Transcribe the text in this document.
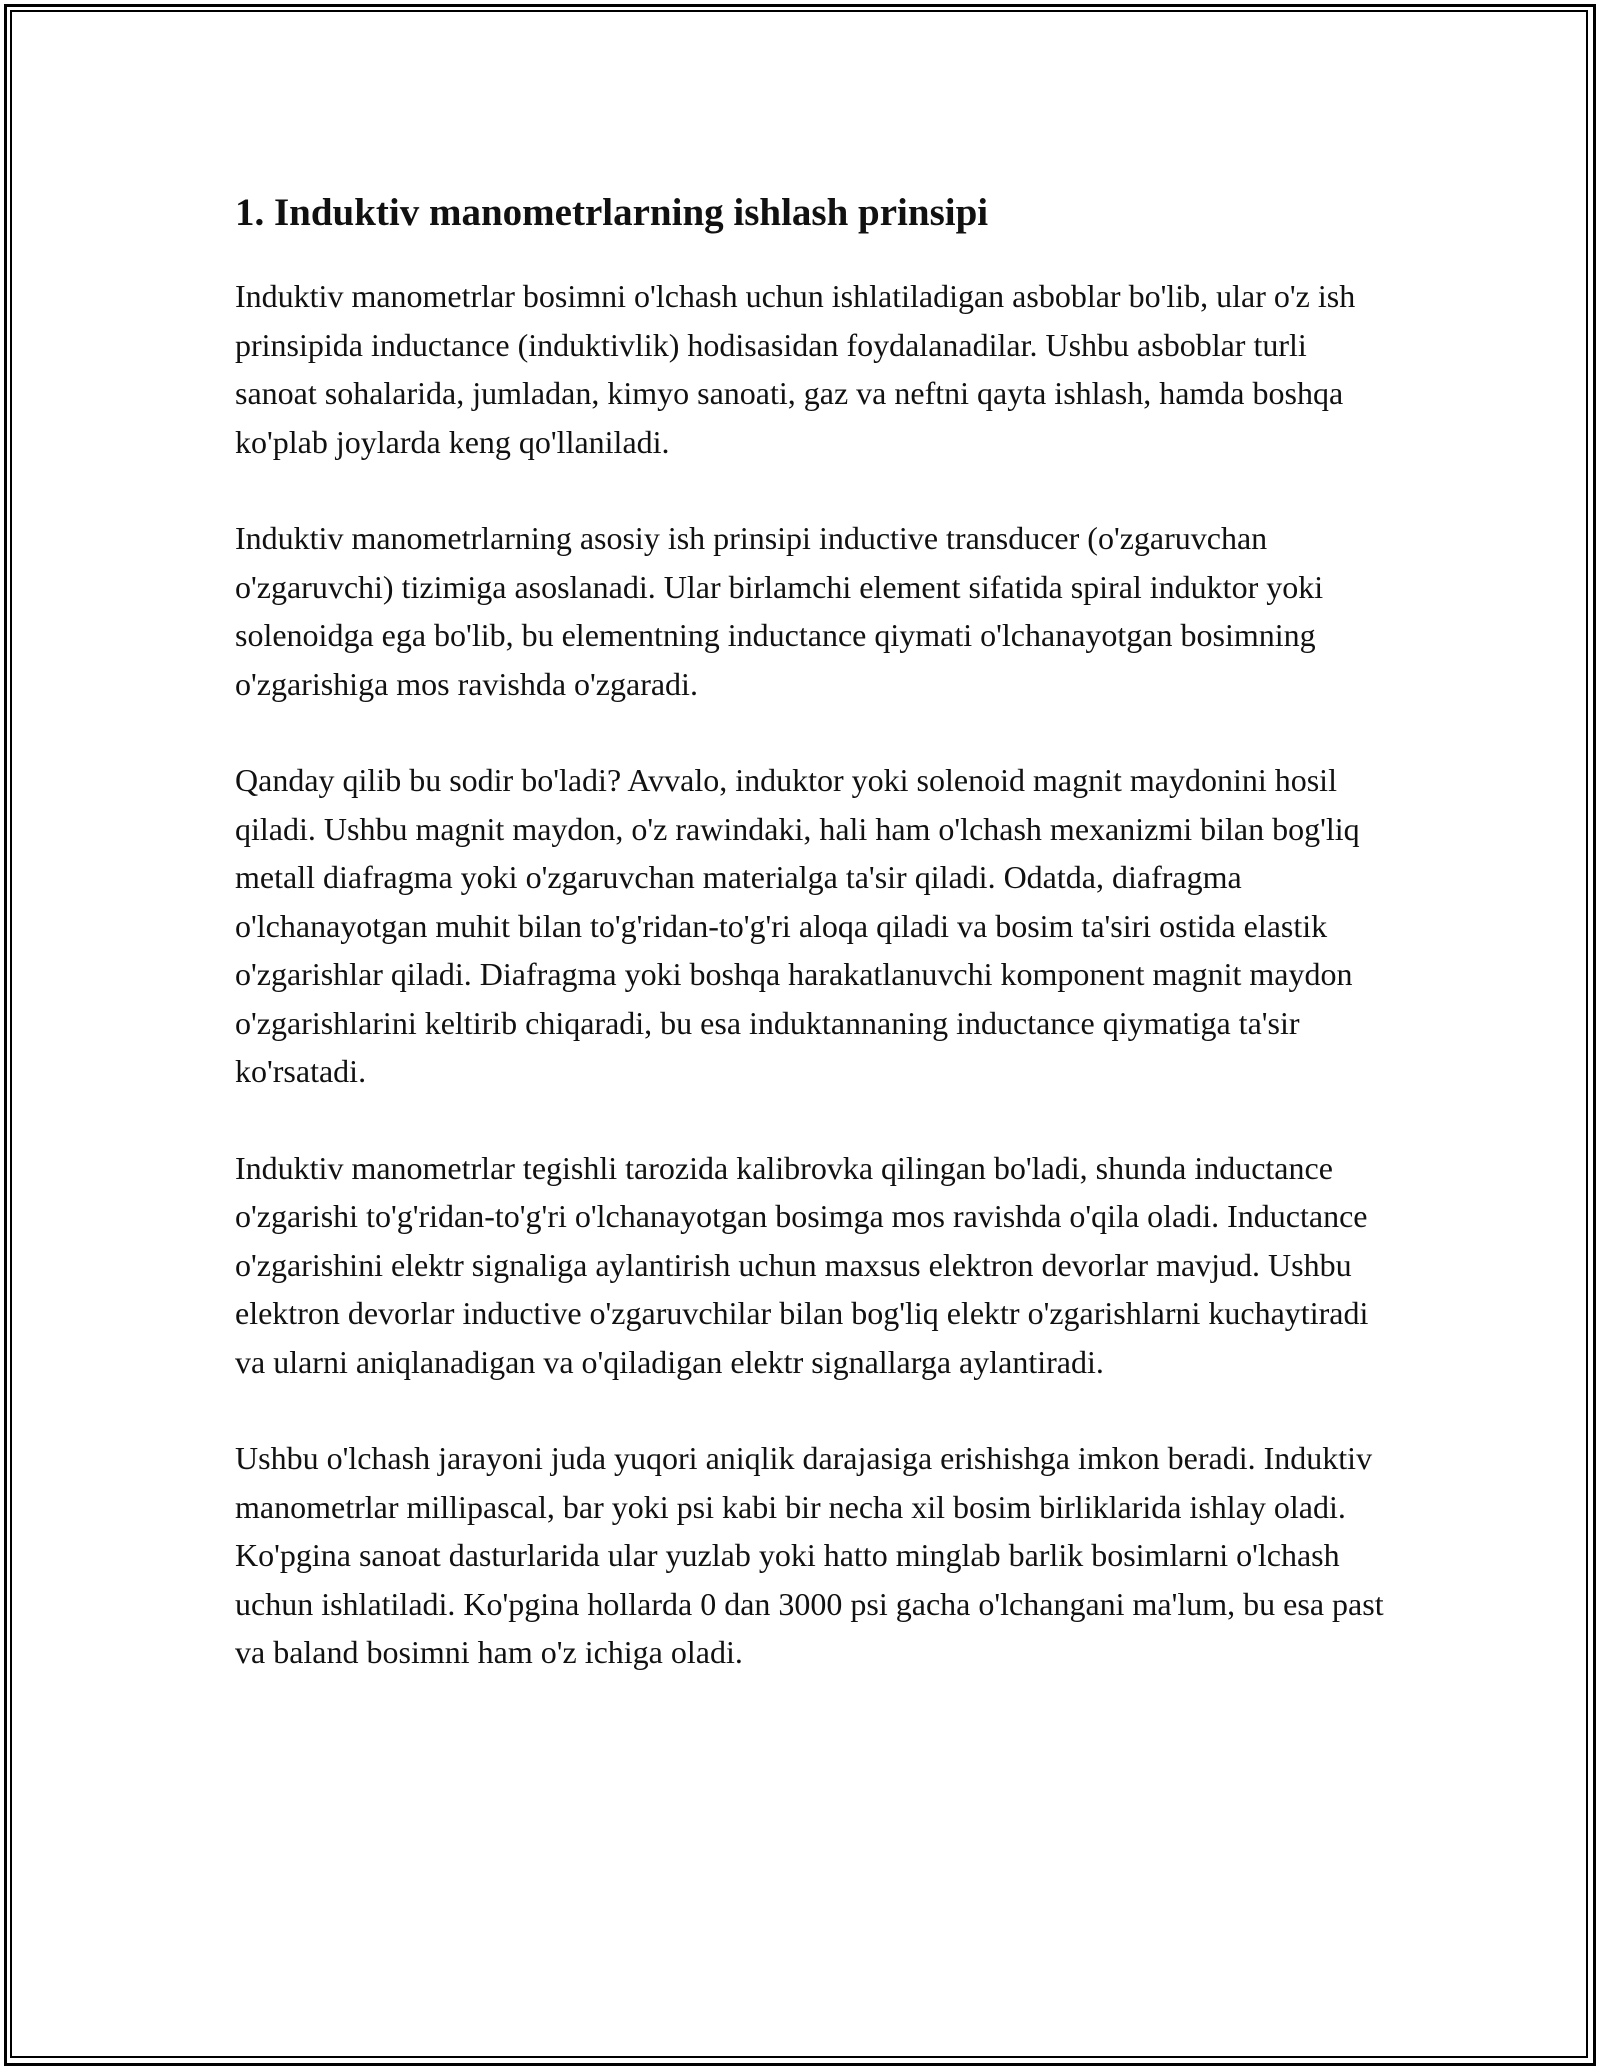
1. Induktiv manometrlarning ishlash prinsipi

Induktiv manometrlar bosimni o'lchash uchun ishlatiladigan asboblar bo'lib, ular o'z ish prinsipida inductance (induktivlik) hodisasidan foydalanadilar. Ushbu asboblar turli sanoat sohalarida, jumladan, kimyo sanoati, gaz va neftni qayta ishlash, hamda boshqa ko'plab joylarda keng qo'llaniladi.

Induktiv manometrlarning asosiy ish prinsipi inductive transducer (o'zgaruvchan o'zgaruvchi) tizimiga asoslanadi. Ular birlamchi element sifatida spiral induktor yoki solenoidga ega bo'lib, bu elementning inductance qiymati o'lchanayotgan bosimning o'zgarishiga mos ravishda o'zgaradi.

Qanday qilib bu sodir bo'ladi? Avvalo, induktor yoki solenoid magnit maydonini hosil qiladi. Ushbu magnit maydon, o'z rawindaki, hali ham o'lchash mexanizmi bilan bog'liq metall diafragma yoki o'zgaruvchan materialga ta'sir qiladi. Odatda, diafragma o'lchanayotgan muhit bilan to'g'ridan-to'g'ri aloqa qiladi va bosim ta'siri ostida elastik o'zgarishlar qiladi. Diafragma yoki boshqa harakatlanuvchi komponent magnit maydon o'zgarishlarini keltirib chiqaradi, bu esa induktannaning inductance qiymatiga ta'sir ko'rsatadi.

Induktiv manometrlar tegishli tarozida kalibrovka qilingan bo'ladi, shunda inductance o'zgarishi to'g'ridan-to'g'ri o'lchanayotgan bosimga mos ravishda o'qila oladi. Inductance o'zgarishini elektr signaliga aylantirish uchun maxsus elektron devorlar mavjud. Ushbu elektron devorlar inductive o'zgaruvchilar bilan bog'liq elektr o'zgarishlarni kuchaytiradi va ularni aniqlanadigan va o'qiladigan elektr signallarga aylantiradi.

Ushbu o'lchash jarayoni juda yuqori aniqlik darajasiga erishishga imkon beradi. Induktiv manometrlar millipascal, bar yoki psi kabi bir necha xil bosim birliklarida ishlay oladi. Ko'pgina sanoat dasturlarida ular yuzlab yoki hatto minglab barlik bosimlarni o'lchash uchun ishlatiladi. Ko'pgina hollarda 0 dan 3000 psi gacha o'lchangani ma'lum, bu esa past va baland bosimni ham o'z ichiga oladi.
